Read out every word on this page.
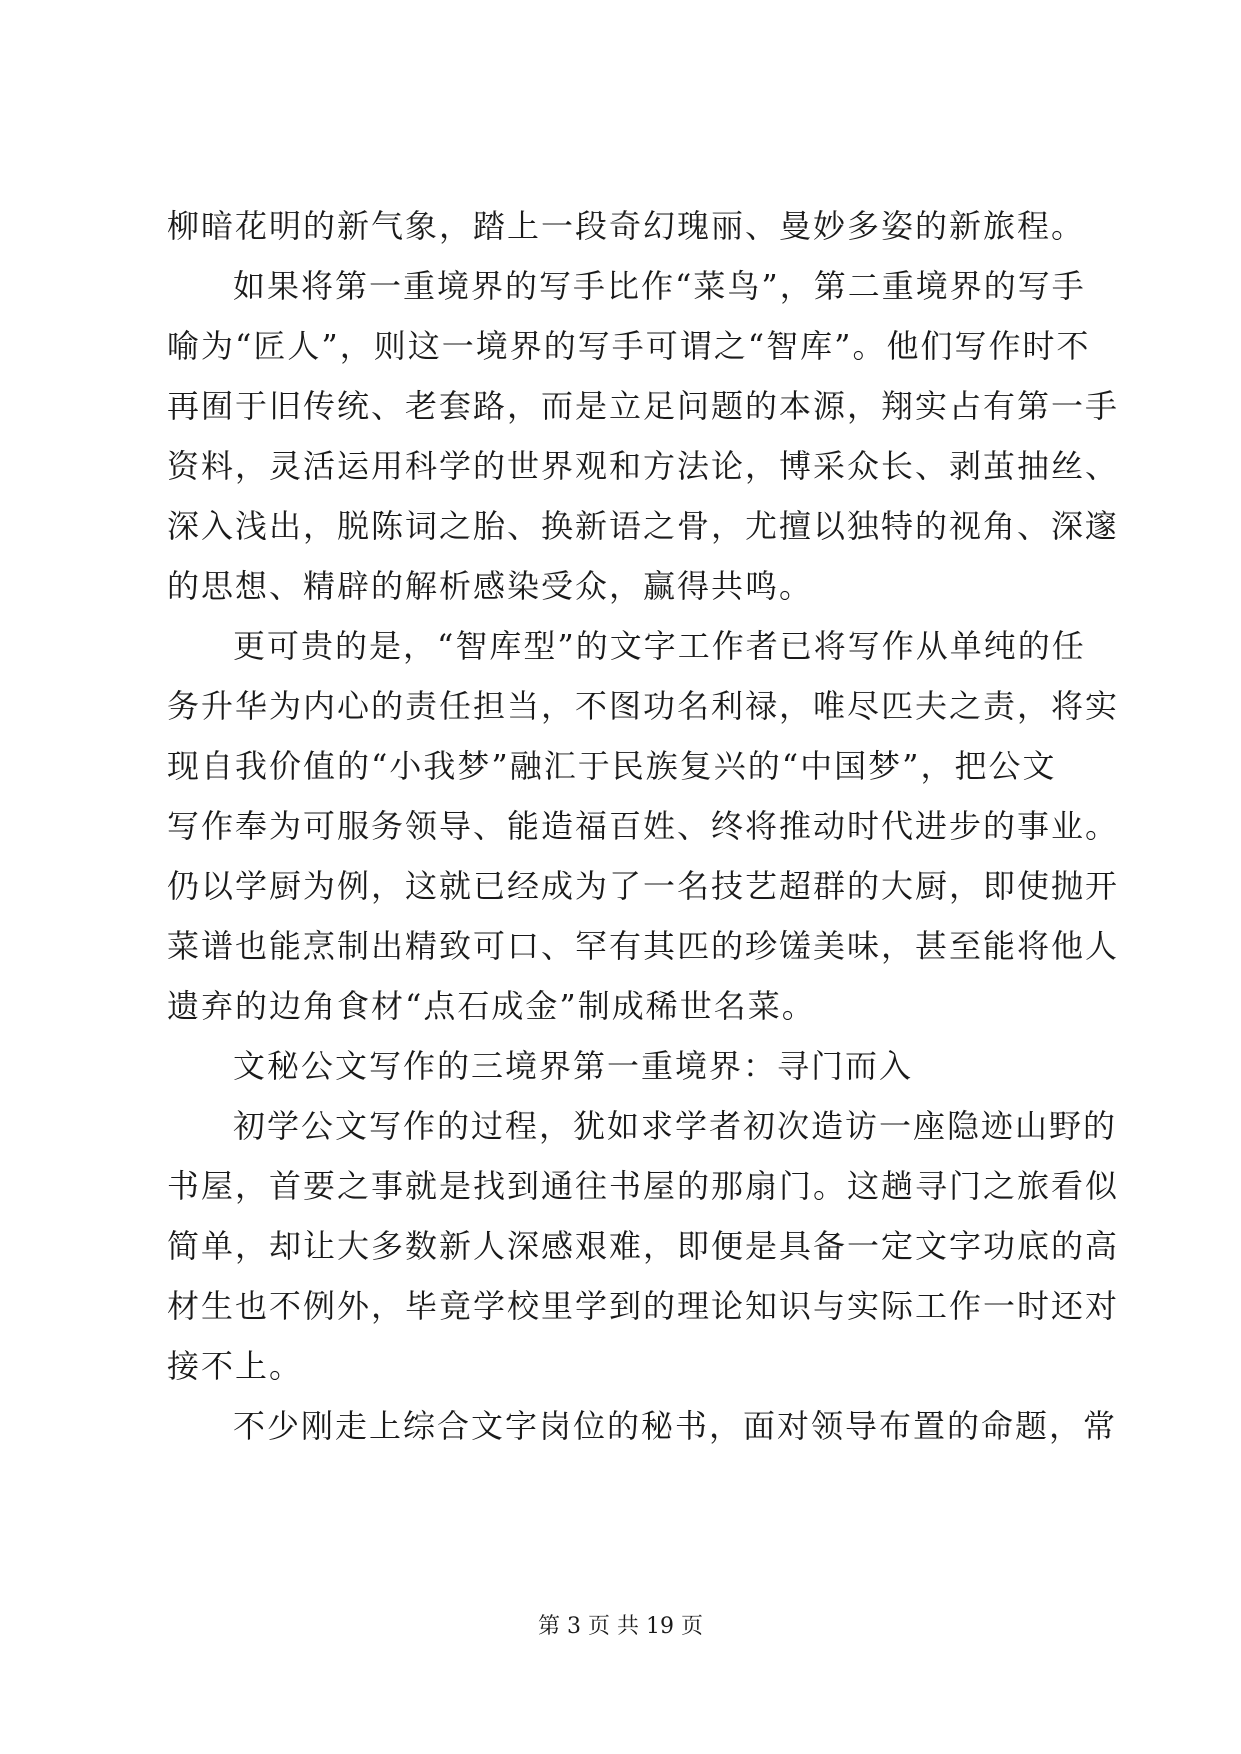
柳暗花明的新气象，踏上一段奇幻瑰丽、曼妙多姿的新旅程。
如果将第一重境界的写手比作“菜鸟”，第二重境界的写手
喻为“匠人”，则这一境界的写手可谓之“智库”。他们写作时不
再囿于旧传统、老套路，而是立足问题的本源，翔实占有第一手
资料，灵活运用科学的世界观和方法论，博采众长、剥茧抽丝、
深入浅出，脱陈词之胎、换新语之骨，尤擅以独特的视角、深邃
的思想、精辟的解析感染受众，赢得共鸣。
更可贵的是，“智库型”的文字工作者已将写作从单纯的任
务升华为内心的责任担当，不图功名利禄，唯尽匹夫之责，将实
现自我价值的“小我梦”融汇于民族复兴的“中国梦”，把公文
写作奉为可服务领导、能造福百姓、终将推动时代进步的事业。
仍以学厨为例，这就已经成为了一名技艺超群的大厨，即使抛开
菜谱也能烹制出精致可口、罕有其匹的珍馐美味，甚至能将他人
遗弃的边角食材“点石成金”制成稀世名菜。
文秘公文写作的三境界第一重境界：寻门而入
初学公文写作的过程，犹如求学者初次造访一座隐迹山野的
书屋，首要之事就是找到通往书屋的那扇门。这趟寻门之旅看似
简单，却让大多数新人深感艰难，即便是具备一定文字功底的高
材生也不例外，毕竟学校里学到的理论知识与实际工作一时还对
接不上。
不少刚走上综合文字岗位的秘书，面对领导布置的命题，常
第 3 页 共 19 页
